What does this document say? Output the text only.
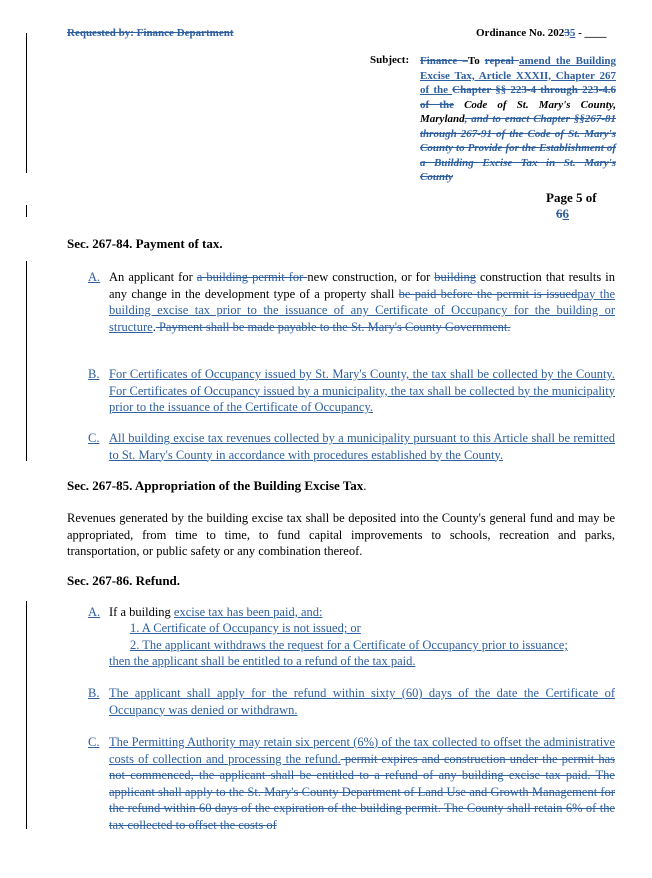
Requested by: Finance Department	Ordinance No. 20235 - ____
Subject: Finance –To repeal amend the Building Excise Tax, Article XXXII, Chapter 267 of the Chapter §§ 223-4 through 223-4.6 of the Code of St. Mary's County, Maryland, and to enact Chapter §§267-81 through 267-91 of the Code of St. Mary's County to Provide for the Establishment of a Building Excise Tax in St. Mary's County
Page 5 of
66
Sec. 267-84. Payment of tax.
A. An applicant for a building permit for new construction, or for building construction that results in any change in the development type of a property shall be paid before the permit is issuedpay the building excise tax prior to the issuance of any Certificate of Occupancy for the building or structure. Payment shall be made payable to the St. Mary's County Government.
B. For Certificates of Occupancy issued by St. Mary's County, the tax shall be collected by the County. For Certificates of Occupancy issued by a municipality, the tax shall be collected by the municipality prior to the issuance of the Certificate of Occupancy.
C. All building excise tax revenues collected by a municipality pursuant to this Article shall be remitted to St. Mary's County in accordance with procedures established by the County.
Sec. 267-85. Appropriation of the Building Excise Tax.
Revenues generated by the building excise tax shall be deposited into the County's general fund and may be appropriated, from time to time, to fund capital improvements to schools, recreation and parks, transportation, or public safety or any combination thereof.
Sec. 267-86. Refund.
A. If a building excise tax has been paid, and:
1. A Certificate of Occupancy is not issued; or
2. The applicant withdraws the request for a Certificate of Occupancy prior to issuance;
then the applicant shall be entitled to a refund of the tax paid.
B. The applicant shall apply for the refund within sixty (60) days of the date the Certificate of Occupancy was denied or withdrawn.
C. The Permitting Authority may retain six percent (6%) of the tax collected to offset the administrative costs of collection and processing the refund. permit expires and construction under the permit has not commenced, the applicant shall be entitled to a refund of any building excise tax paid. The applicant shall apply to the St. Mary's County Department of Land Use and Growth Management for the refund within 60 days of the expiration of the building permit. The County shall retain 6% of the tax collected to offset the costs of
